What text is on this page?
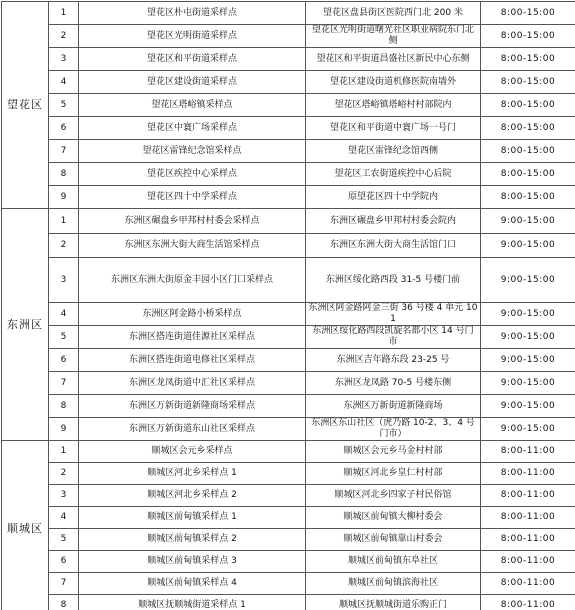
望花区	1	望花区朴屯街道采样点	望花区盘县街区医院西门北 200 米	8:00-15:00
	2	望花区光明街道采样点	望花区光明街道曙光社区职业病院东门北侧	8:00-15:00
	3	望花区和平街道采样点	望花区和平街道昌盛社区新民中心东侧	8:00-15:00
	4	望花区建设街道采样点	望花区建设街道机修医院南墙外	8:00-15:00
	5	望花区塔峪镇采样点	望花区塔峪镇塔峪村村部院内	8:00-15:00
	6	望花区中寰广场采样点	望花区和平街道中寰广场一号门	8:00-15:00
	7	望花区雷锋纪念馆采样点	望花区雷锋纪念馆西侧	8:00-15:00
	8	望花区疾控中心采样点	望花区工农街道疾控中心后院	8:00-15:00
	9	望花区四十中学采样点	原望花区四十中学院内	8:00-15:00
东洲区	1	东洲区碾盘乡甲邦村村委会采样点	东洲区碾盘乡甲邦村村委会院内	9:00-15:00
	2	东洲区东洲大街大商生活馆采样点	东洲区东洲大街大商生活馆门口	9:00-15:00
	3	东洲区东洲大街原金丰园小区门口采样点	东洲区绥化路西段 31-5 号楼门前	9:00-15:00
	4	东洲区阿金路小桥采样点	东洲区阿金路阿金三街 36 号楼 4 单元 101	9:00-15:00
	5	东洲区搭连街道佳源社区采样点	东洲区绥化路西段凯旋名都小区 14 号门市	9:00-15:00
	6	东洲区搭连街道电修社区采样点	东洲区吉年路东段 23-25 号	9:00-15:00
	7	东洲区龙凤街道中汇社区采样点	东洲区龙凤路 70-5 号楼东侧	9:00-15:00
	8	东洲区万新街道新隆商场采样点	东洲区万新街道新隆商场	9:00-15:00
	9	东洲区万新街道东山社区采样点	东洲区东山社区（虎乃路 10-2、3、4 号门市）	9:00-15:00
顺城区	1	顺城区会元乡采样点	顺城区会元乡马金村村部	8:00-11:00
	2	顺城区河北乡采样点 1	顺城区河北乡皇仁村村部	8:00-11:00
	3	顺城区河北乡采样点 2	顺城区河北乡四家子村民俗馆	8:00-11:00
	4	顺城区前甸镇采样点 1	顺城区前甸镇大柳村委会	8:00-11:00
	5	顺城区前甸镇采样点 2	顺城区前甸镇靠山村委会	8:00-11:00
	6	顺城区前甸镇采样点 3	顺城区前甸镇东阜社区	8:00-11:00
	7	顺城区前甸镇采样点 4	顺城区前甸镇滨海社区	8:00-11:00
	8	顺城区抚顺城街道采样点 1	顺城区抚顺城街道乐购正门	8:00-11:00
